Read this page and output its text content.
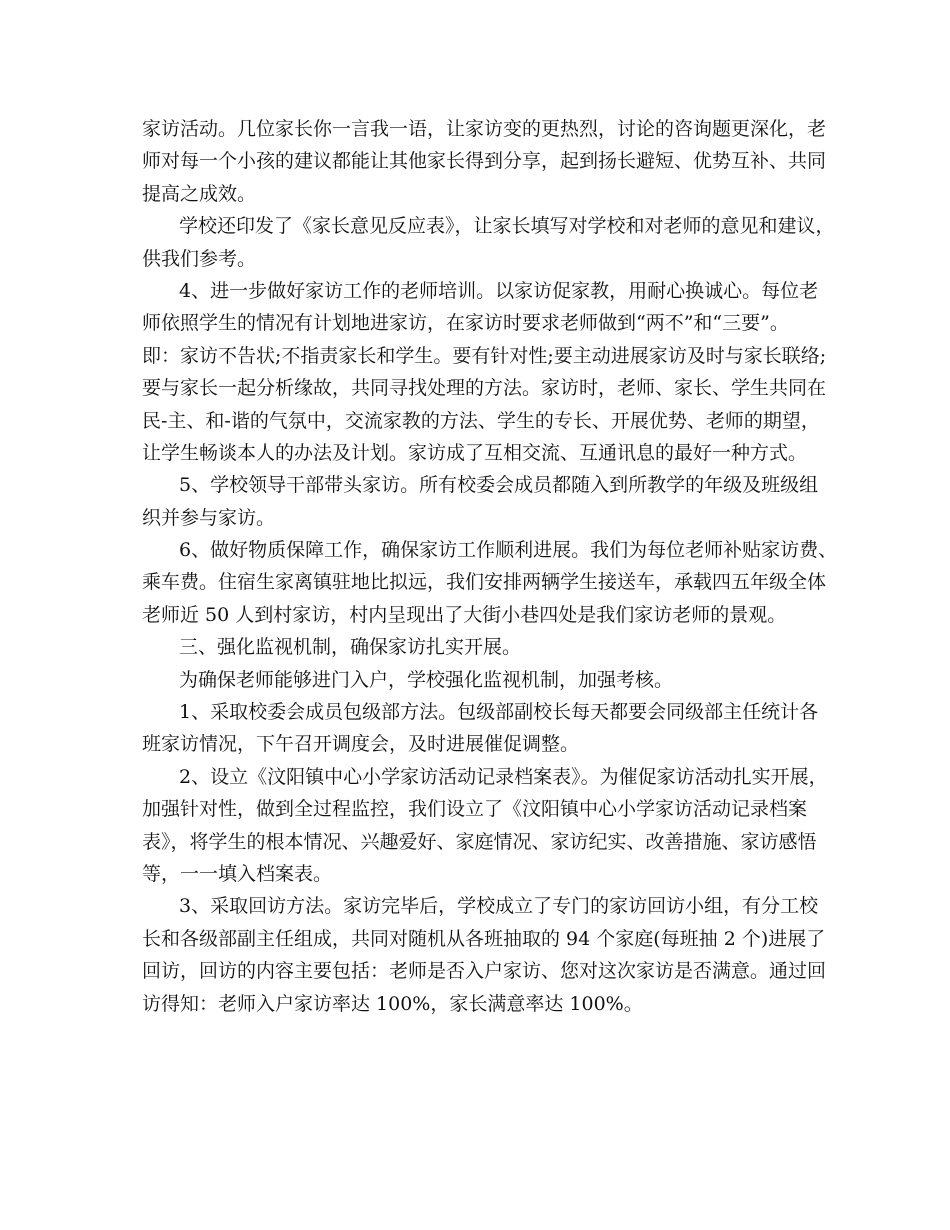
家访活动。几位家长你一言我一语，让家访变的更热烈，讨论的咨询题更深化，老
师对每一个小孩的建议都能让其他家长得到分享，起到扬长避短、优势互补、共同
提高之成效。
学校还印发了《家长意见反应表》，让家长填写对学校和对老师的意见和建议，
供我们参考。
4、进一步做好家访工作的老师培训。以家访促家教，用耐心换诚心。每位老
师依照学生的情况有计划地进家访，在家访时要求老师做到“两不”和“三要”。
即：家访不告状;不指责家长和学生。要有针对性;要主动进展家访及时与家长联络;
要与家长一起分析缘故，共同寻找处理的方法。家访时，老师、家长、学生共同在
民-主、和-谐的气氛中，交流家教的方法、学生的专长、开展优势、老师的期望，
让学生畅谈本人的办法及计划。家访成了互相交流、互通讯息的最好一种方式。
5、学校领导干部带头家访。所有校委会成员都随入到所教学的年级及班级组
织并参与家访。
6、做好物质保障工作，确保家访工作顺利进展。我们为每位老师补贴家访费、
乘车费。住宿生家离镇驻地比拟远，我们安排两辆学生接送车，承载四五年级全体
老师近 50 人到村家访，村内呈现出了大街小巷四处是我们家访老师的景观。
三、强化监视机制，确保家访扎实开展。
为确保老师能够进门入户，学校强化监视机制，加强考核。
1、采取校委会成员包级部方法。包级部副校长每天都要会同级部主任统计各
班家访情况，下午召开调度会，及时进展催促调整。
2、设立《汶阳镇中心小学家访活动记录档案表》。为催促家访活动扎实开展，
加强针对性，做到全过程监控，我们设立了《汶阳镇中心小学家访活动记录档案
表》，将学生的根本情况、兴趣爱好、家庭情况、家访纪实、改善措施、家访感悟
等，一一填入档案表。
3、采取回访方法。家访完毕后，学校成立了专门的家访回访小组，有分工校
长和各级部副主任组成，共同对随机从各班抽取的 94 个家庭(每班抽 2 个)进展了
回访，回访的内容主要包括：老师是否入户家访、您对这次家访是否满意。通过回
访得知：老师入户家访率达 100%，家长满意率达 100%。
